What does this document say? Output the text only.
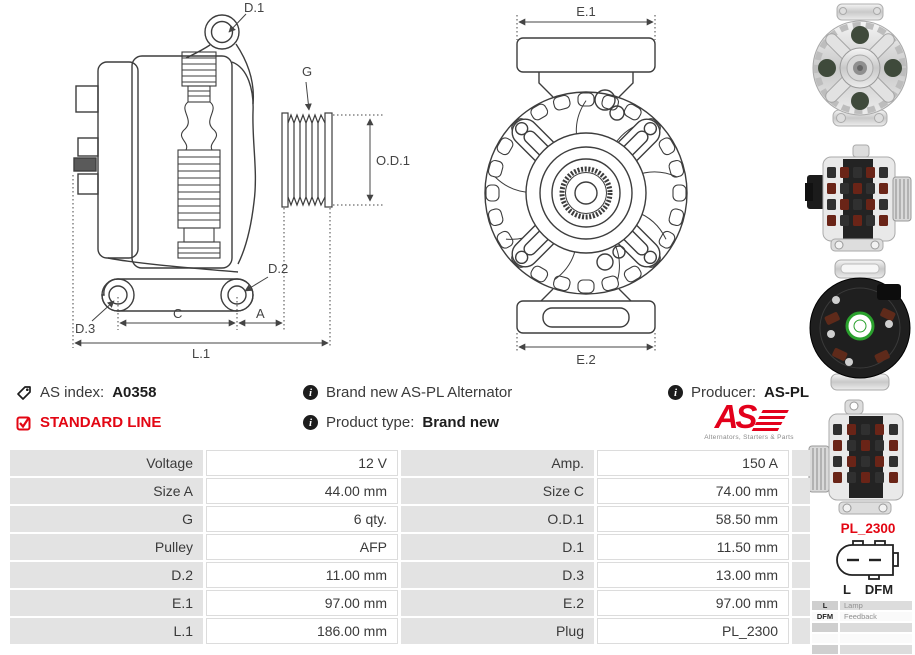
D.1
G
O.D.1
D.2
D.3
C	A
L.1
E.1
E.2
AS index: A0358	i Brand new AS-PL Alternator	i Producer: AS-PL
STANDARD LINE	i Product type: Brand new	AS
Alternators, Starters & Parts
Voltage	12 V	Amp.	150 A
Size A	44.00 mm	Size C	74.00 mm
G	6 qty.	O.D.1	58.50 mm
Pulley	AFP	D.1	11.50 mm
D.2	11.00 mm	D.3	13.00 mm
E.1	97.00 mm	E.2	97.00 mm
L.1	186.00 mm	Plug	PL_2300
PL_2300
L DFM
L	Lamp
DFM	Feedback
